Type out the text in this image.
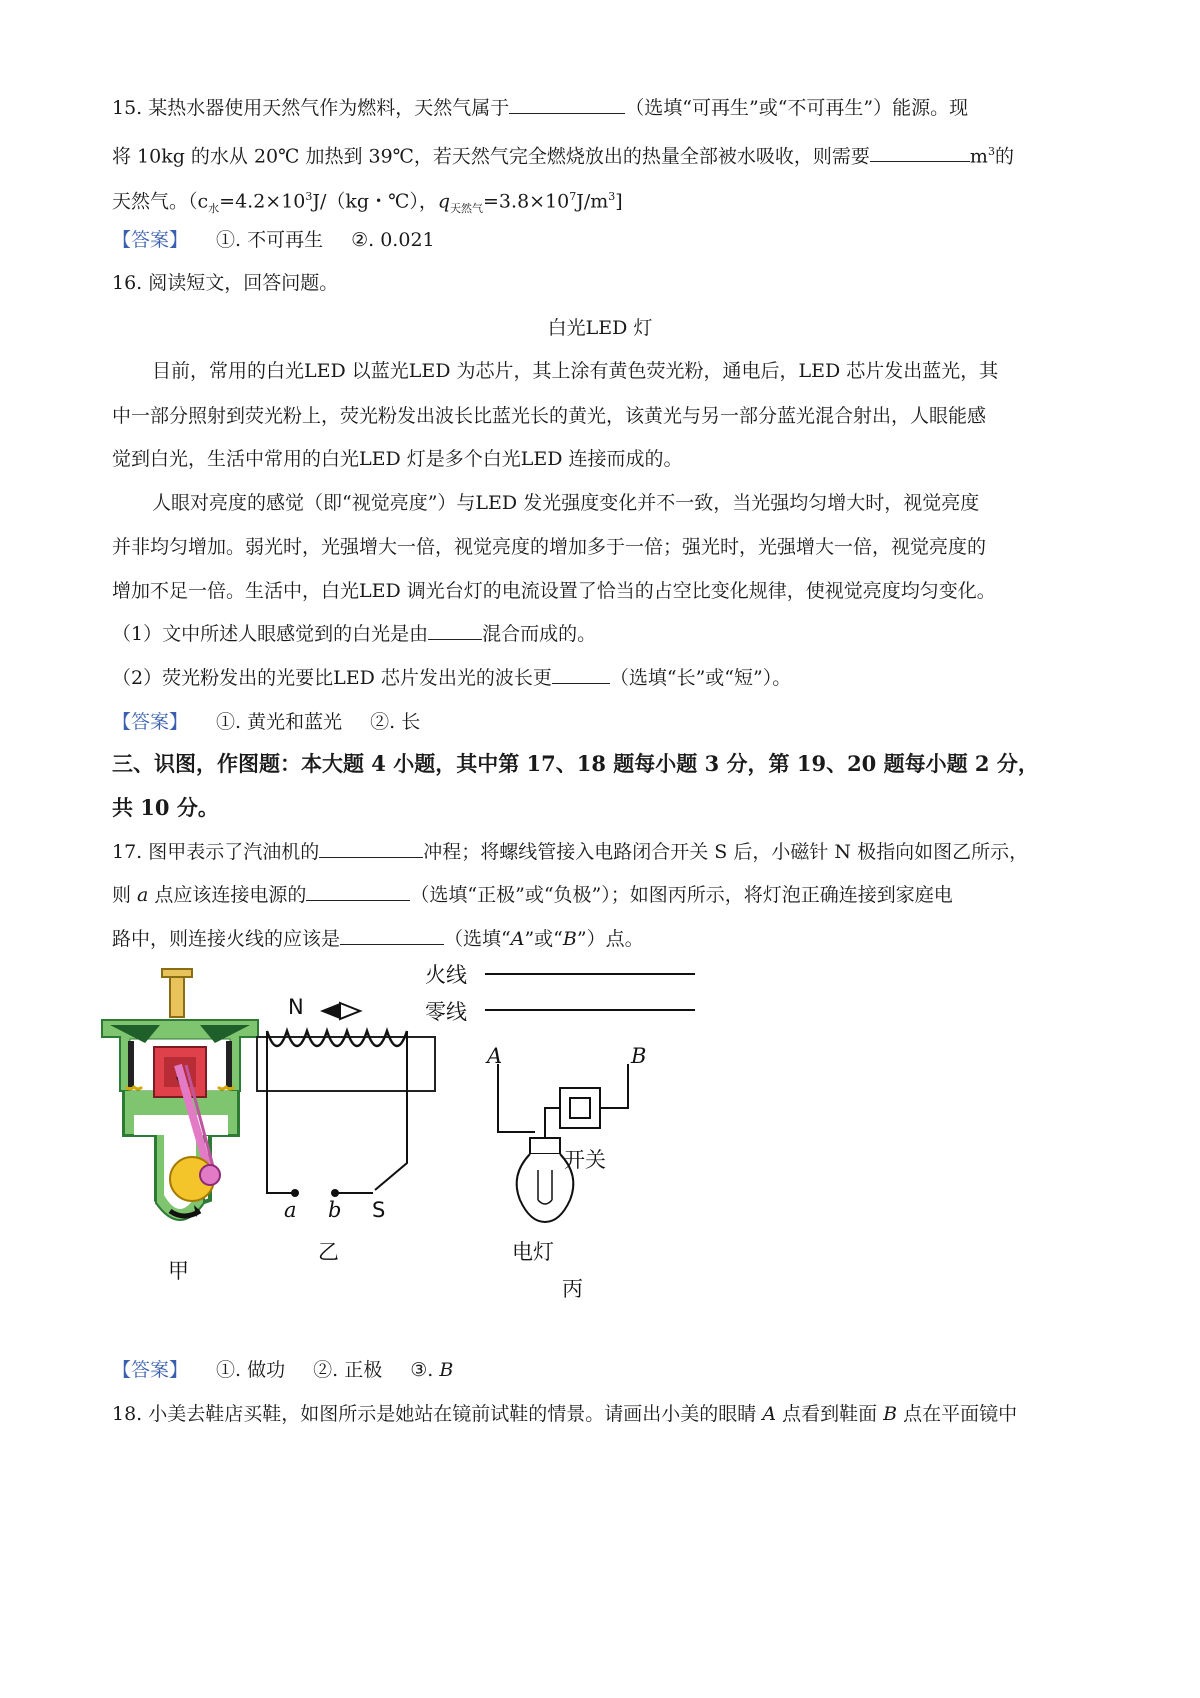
15. 某热水器使用天然气作为燃料，天然气属于	（选填“可再生”或“不可再生”）能源。现
将 10kg 的水从 20℃ 加热到 39℃，若天然气完全燃烧放出的热量全部被水吸收，则需要	$m^3$的
天然气。（$c_水=4.2\times 10^3J/(kg$・℃），$q_{天然气}=3.8\times 10^7J/m^3$]
【答案】 ①. 不可再生 ②. 0.021
16. 阅读短文，回答问题。
白光LED 灯
目前，常用的白光LED 以蓝光LED 为芯片，其上涂有黄色荧光粉，通电后，LED 芯片发出蓝光，其
中一部分照射到荧光粉上，荧光粉发出波长比蓝光长的黄光，该黄光与另一部分蓝光混合射出，人眼能感
觉到白光，生活中常用的白光LED 灯是多个白光LED 连接而成的。
人眼对亮度的感觉（即“视觉亮度”）与LED 发光强度变化并不一致，当光强均匀增大时，视觉亮度
并非均匀增加。弱光时，光强增大一倍，视觉亮度的增加多于一倍；强光时，光强增大一倍，视觉亮度的
增加不足一倍。生活中，白光LED 调光台灯的电流设置了恰当的占空比变化规律，使视觉亮度均匀变化。
（1）文中所述人眼感觉到的白光是由	混合而成的。
（2）荧光粉发出的光要比LED 芯片发出光的波长更	（选填“长”或“短”）。
【答案】 ①. 黄光和蓝光 ②. 长
三、识图，作图题：本大题 4 小题，其中第 17、18 题每小题 3 分，第 19、20 题每小题 2 分，
共 10 分。
17. 图甲表示了汽油机的	冲程；将螺线管接入电路闭合开关 S 后，小磁针 N 极指向如图乙所示，
则 a 点应该连接电源的	（选填“正极”或“负极”）；如图丙所示，将灯泡正确连接到家庭电
路中，则连接火线的应该是	（选填“A”或“B”）点。
甲
N
a b S
乙
火线
零线
A	B
开关
电灯
丙
【答案】 ①. 做功 ②. 正极 ③. B
18. 小美去鞋店买鞋，如图所示是她站在镜前试鞋的情景。请画出小美的眼睛 A 点看到鞋面 B 点在平面镜中
